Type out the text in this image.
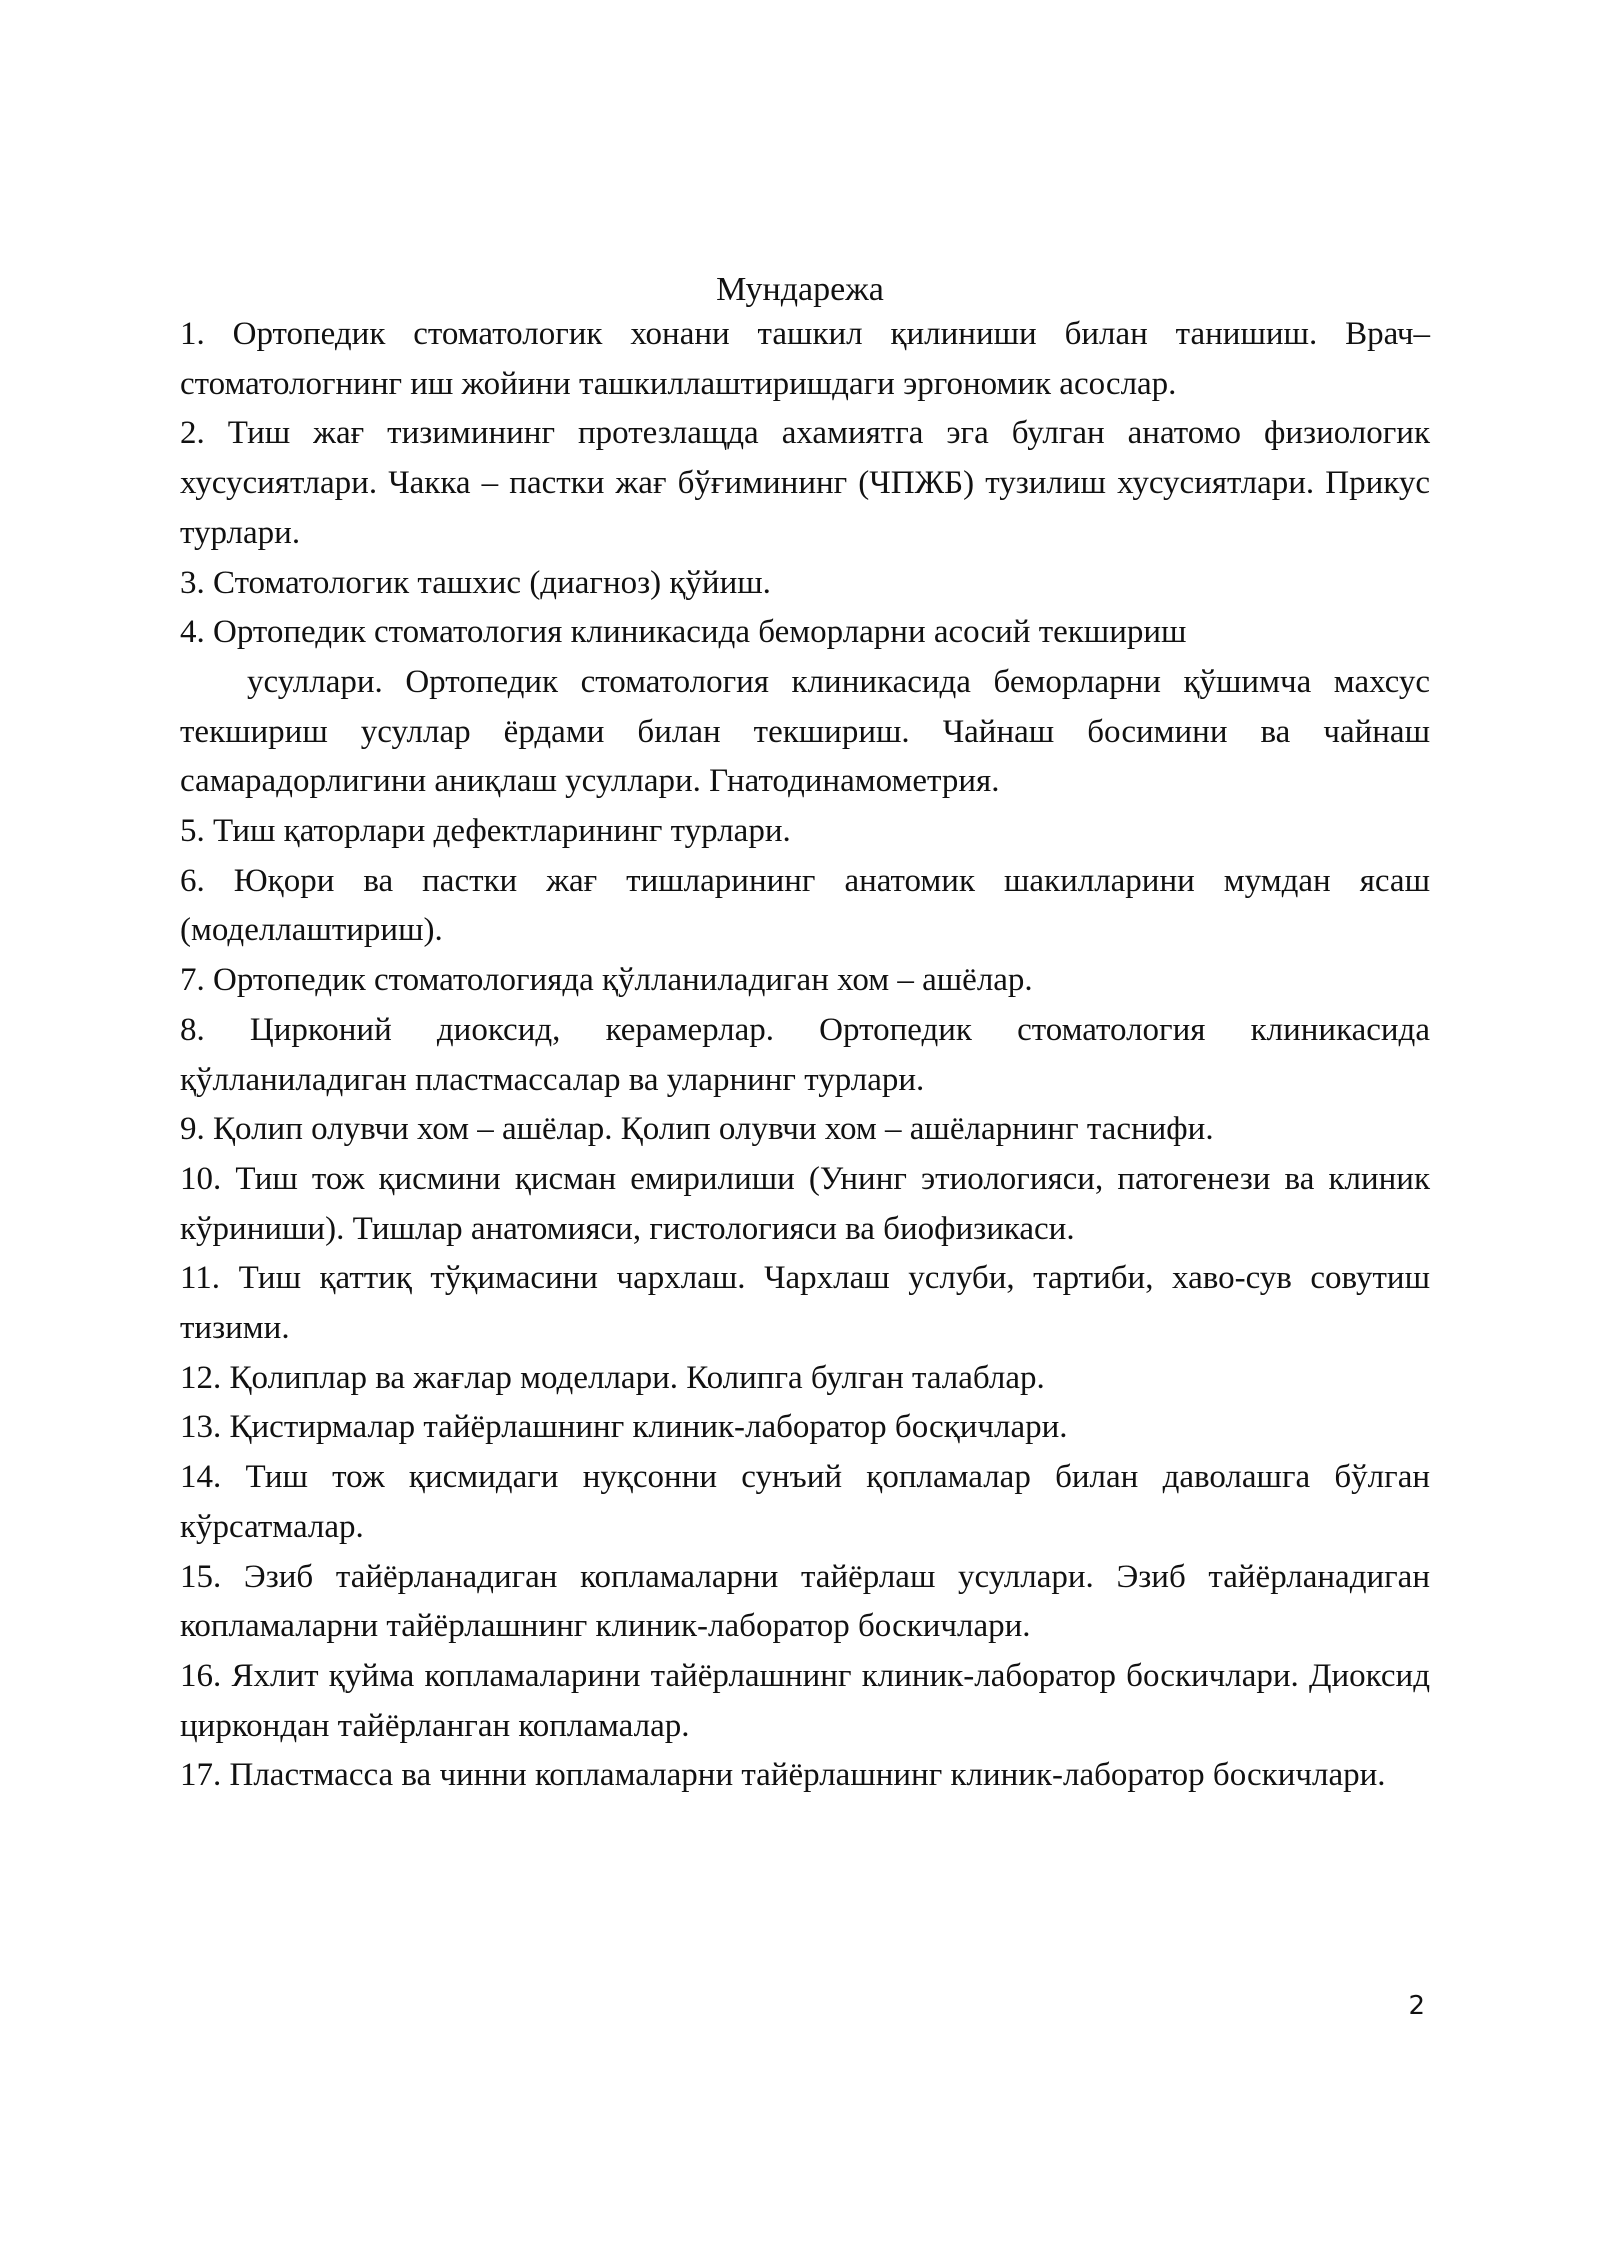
Мундарежа

1. Ортопедик стоматологик хонани ташкил қилиниши билан танишиш. Врач–стоматологнинг иш жойини ташкиллаштиришдаги эргономик асослар.

2. Тиш жағ тизимининг протезлащда ахамиятга эга булган анатомо физиологик хусусиятлари. Чакка – пастки жағ бўғимининг (ЧПЖБ) тузилиш хусусиятлари. Прикус турлари.

3. Стоматологик ташхис (диагноз) қўйиш.

4. Ортопедик стоматология клиникасида беморларни асосий текшириш

усуллари. Ортопедик стоматология клиникасида беморларни қўшимча махсус текшириш усуллар ёрдами билан текшириш. Чайнаш босимини ва чайнаш самарадорлигини аниқлаш усуллари. Гнатодинамометрия.

5. Тиш қаторлари дефектларининг турлари.

6. Юқори ва пастки жағ тишларининг анатомик шакилларини мумдан ясаш (моделлаштириш).

7. Ортопедик стоматологияда қўлланиладиган хом – ашёлар.

8. Цирконий диоксид, керамерлар. Ортопедик стоматология клиникасида қўлланиладиган пластмассалар ва уларнинг турлари.

9. Қолип олувчи хом – ашёлар. Қолип олувчи хом – ашёларнинг таснифи.

10. Тиш тож қисмини қисман емирилиши (Унинг этиологияси, патогенези ва клиник кўриниши). Тишлар анатомияси, гистологияси ва биофизикаси.

11. Тиш қаттиқ тўқимасини чархлаш. Чархлаш услуби, тартиби, хаво-сув совутиш тизими.

12. Қолиплар ва жағлар моделлари. Колипга булган талаблар.

13. Қистирмалар тайёрлашнинг клиник-лаборатор босқичлари.

14. Тиш тож қисмидаги нуқсонни сунъий қопламалар билан даволашга бўлган кўрсатмалар.

15. Эзиб тайёрланадиган копламаларни тайёрлаш усуллари. Эзиб тайёрланадиган копламаларни тайёрлашнинг клиник-лаборатор боскичлари.

16. Яхлит қуйма копламаларини тайёрлашнинг клиник-лаборатор боскичлари. Диоксид циркондан тайёрланган копламалар.

17. Пластмасса ва чинни копламаларни тайёрлашнинг клиник-лаборатор боскичлари.

2
